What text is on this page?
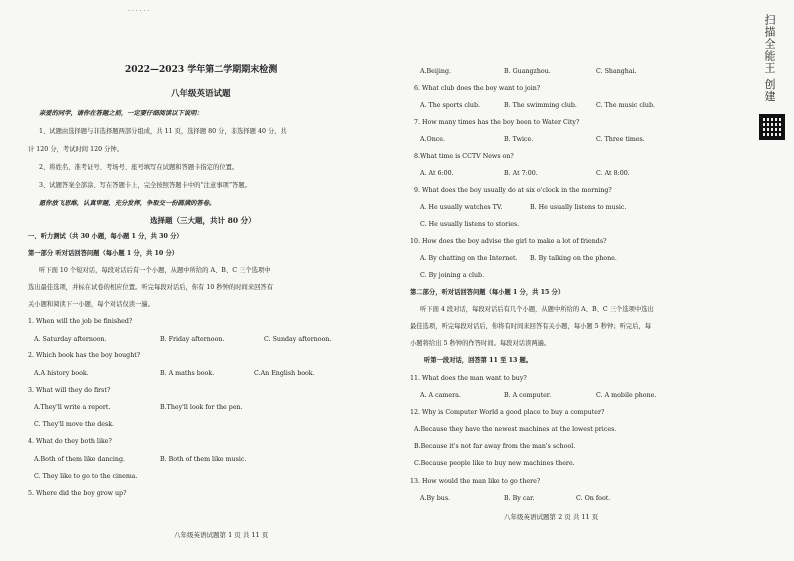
· · · · · ·
2022—2023 学年第二学期期末检测
八年级英语试题
亲爱的同学，请你在答题之前，一定要仔细阅读以下说明：
1、试题由选择题与非选择题两部分组成，共 11 页，选择题 80 分，非选择题 40 分，共
计 120 分，考试时间 120 分钟。
2、将姓名、准考证号、考场号、座号填写在试题和答题卡指定的位置。
3、试题答案全部涂、写在答题卡上，完全按照答题卡中的“注意事项”答题。
愿你放飞思维，认真审题，充分发挥，争取交一份圆满的答卷。
选择题（三大题，共计 80 分）
一、听力测试（共 30 小题，每小题 1 分，共 30 分）
第一部分 听对话回答问题（每小题 1 分，共 10 分）
听下面 10 个短对话，每段对话后有一个小题，从题中所给的 A、B、C 三个选项中
选出最佳选项，并标在试卷的相应位置。听完每段对话后，你有 10 秒钟的时间来回答有
关小题和阅读下一小题，每个对话仅读一遍。
1. When will the job be finished?
A. Saturday afternoon.	B. Friday afternoon.	C. Sunday afternoon.
2. Which book has the boy bought?
A.A history book.	B. A maths book.	C.An English book.
3. What will they do first?
A.They'll write a report.	B.They'll look for the pen.
C. They'll move the desk.
4. What do they both like?
A.Both of them like dancing.	B. Both of them like music.
C. They like to go to the cinema.
5. Where did the boy grow up?
八年级英语试题第 1 页 共 11 页
A.Beijing.	B. Guangzhou.	C. Shanghai.
6. What club does the boy want to join?
A. The sports club.	B. The swimming club.	C. The music club.
7. How many times has the boy been to Water City?
A.Once.	B. Twice.	C. Three times.
8.What time is CCTV News on?
A. At 6:00.	B. At 7:00.	C. At 8:00.
9. What does the boy usually do at six o'clock in the morning?
A. He usually watches TV.	B. He usually listens to music.
C. He usually listens to stories.
10. How does the boy advise the girl to make a lot of friends?
A. By chatting on the Internet. B. By talking on the phone.
C. By joining a club.
第二部分，听对话回答问题（每小题 1 分，共 15 分）
听下面 4 段对话，每段对话后有几个小题，从题中所给的 A、B、C 三个选项中选出
最佳选项，听完每段对话后，你将有时间来回答有关小题，每小题 5 秒钟；听完后，每
小题将给出 5 秒钟的作答时间。每段对话读两遍。
听第一段对话，回答第 11 至 13 题。
11. What does the man want to buy?
A. A camera.	B. A computer.	C. A mobile phone.
12. Why is Computer World a good place to buy a computer?
A.Because they have the newest machines at the lowest prices.
B.Because it's not far away from the man's school.
C.Because people like to buy new machines there.
13. How would the man like to go there?
A.By bus.	B. By car.	C. On foot.
八年级英语试题第 2 页 共 11 页
扫描全能王 创建
